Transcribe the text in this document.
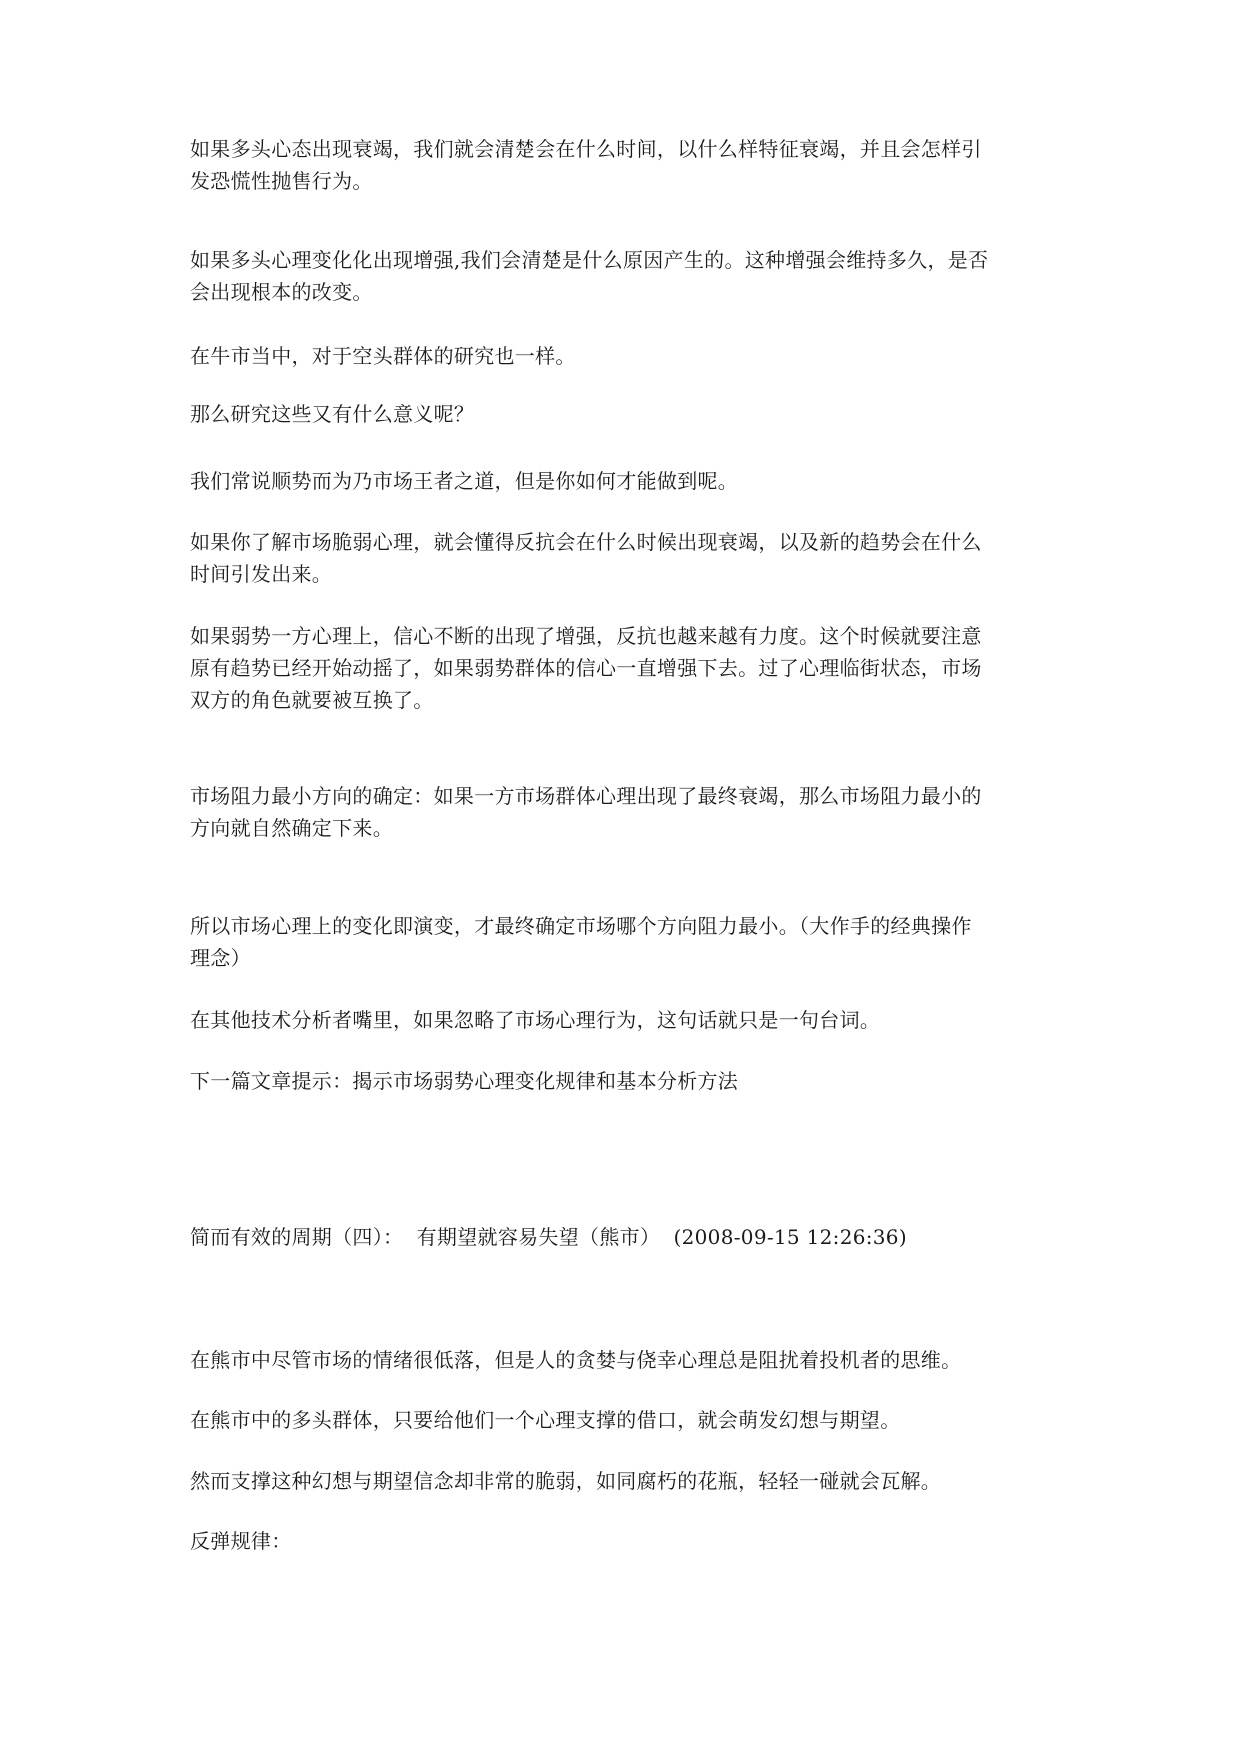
如果多头心态出现衰竭，我们就会清楚会在什么时间，以什么样特征衰竭，并且会怎样引
发恐慌性抛售行为。

如果多头心理变化化出现增强,我们会清楚是什么原因产生的。这种增强会维持多久，是否
会出现根本的改变。

在牛市当中，对于空头群体的研究也一样。

那么研究这些又有什么意义呢？

我们常说顺势而为乃市场王者之道，但是你如何才能做到呢。

如果你了解市场脆弱心理，就会懂得反抗会在什么时候出现衰竭，以及新的趋势会在什么
时间引发出来。

如果弱势一方心理上，信心不断的出现了增强，反抗也越来越有力度。这个时候就要注意
原有趋势已经开始动摇了，如果弱势群体的信心一直增强下去。过了心理临街状态，市场
双方的角色就要被互换了。

市场阻力最小方向的确定：如果一方市场群体心理出现了最终衰竭，那么市场阻力最小的
方向就自然确定下来。

所以市场心理上的变化即演变，才最终确定市场哪个方向阻力最小。（大作手的经典操作
理念）

在其他技术分析者嘴里，如果忽略了市场心理行为，这句话就只是一句台词。

下一篇文章提示：揭示市场弱势心理变化规律和基本分析方法

简而有效的周期（四）：  有期望就容易失望（熊市）  (2008-09-15 12:26:36)

在熊市中尽管市场的情绪很低落，但是人的贪婪与侥幸心理总是阻扰着投机者的思维。

在熊市中的多头群体，只要给他们一个心理支撑的借口，就会萌发幻想与期望。

然而支撑这种幻想与期望信念却非常的脆弱，如同腐朽的花瓶，轻轻一碰就会瓦解。

反弹规律：
